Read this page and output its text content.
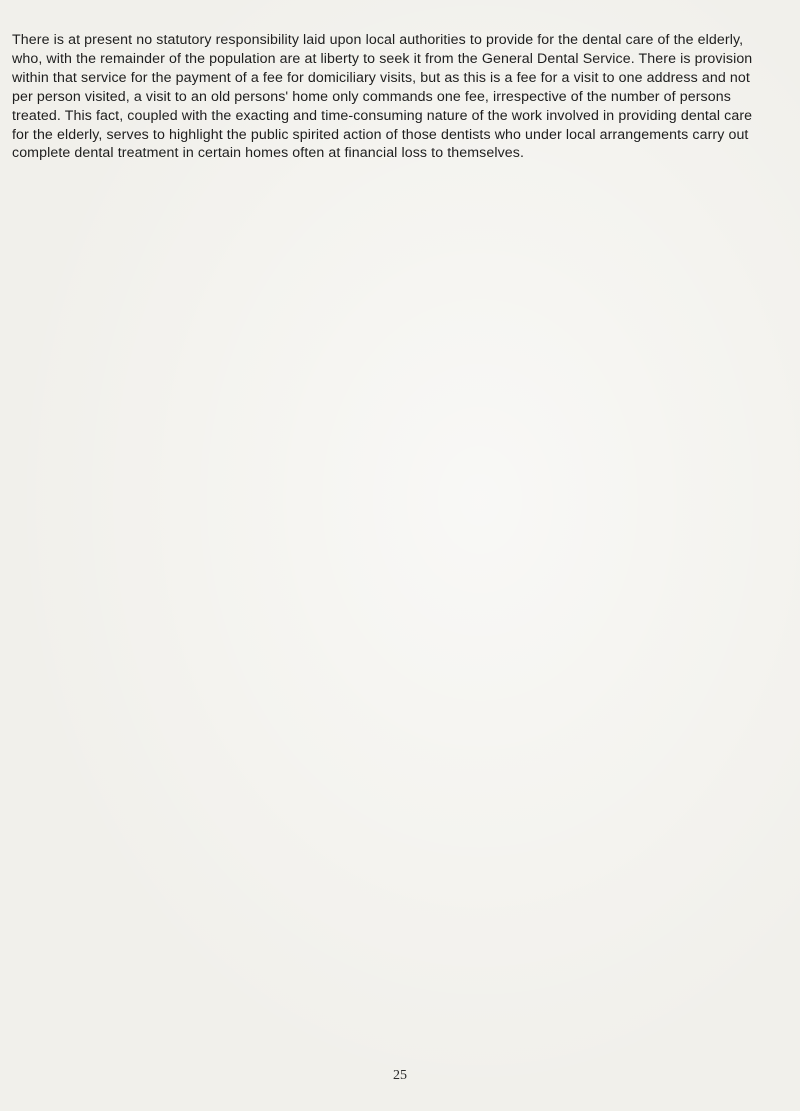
There is at present no statutory responsibility laid upon local authorities to provide for the dental care of the elderly, who, with the remainder of the population are at liberty to seek it from the General Dental Service. There is provision within that service for the payment of a fee for domiciliary visits, but as this is a fee for a visit to one address and not per person visited, a visit to an old persons' home only commands one fee, irrespective of the number of persons treated. This fact, coupled with the exacting and time-consuming nature of the work involved in providing dental care for the elderly, serves to highlight the public spirited action of those dentists who under local arrangements carry out complete dental treatment in certain homes often at financial loss to themselves.

25
